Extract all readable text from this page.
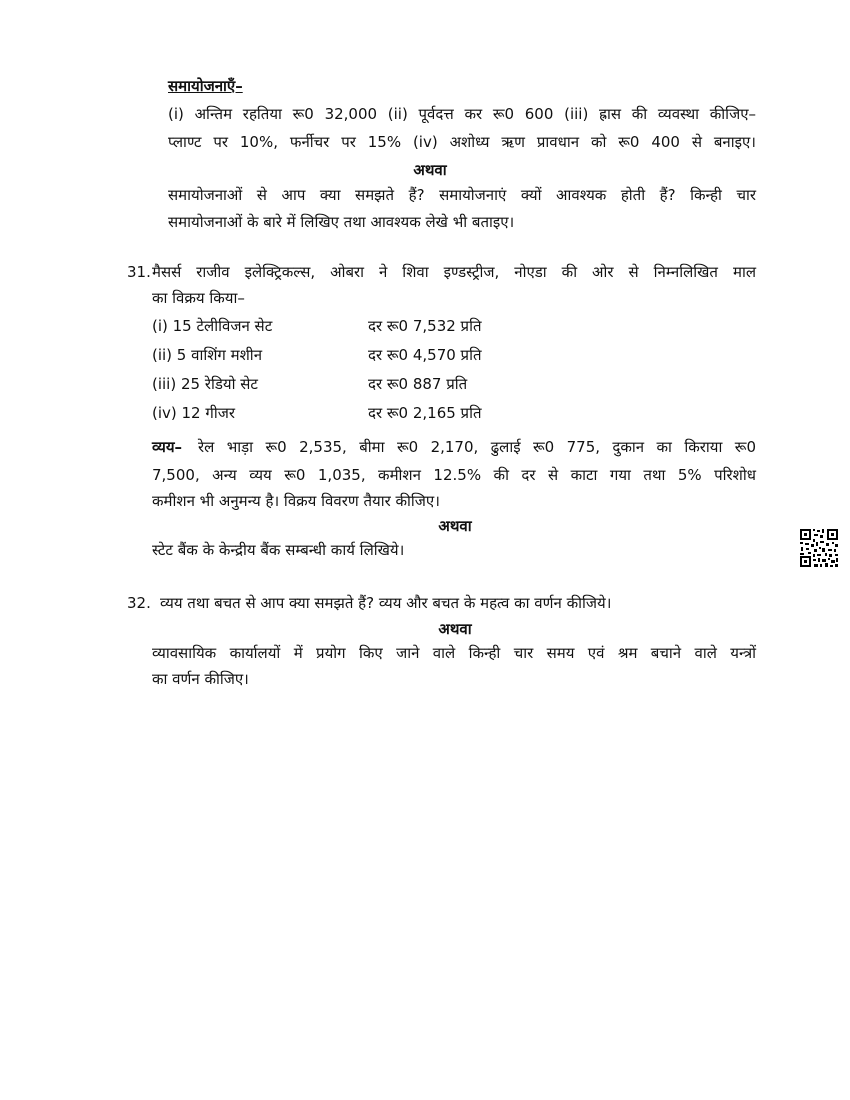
समायोजनाएँ–
(i) अन्तिम रहतिया रू0 32,000 (ii) पूर्वदत्त कर रू0 600 (iii) ह्रास की व्यवस्था कीजिए–
प्लाण्ट पर 10%, फर्नीचर पर 15% (iv) अशोध्य ऋण प्रावधान को रू0 400 से बनाइए।
अथवा
समायोजनाओं से आप क्या समझते हैं? समायोजनाएं क्यों आवश्यक होती हैं? किन्ही चार
समायोजनाओं के बारे में लिखिए तथा आवश्यक लेखे भी बताइए।
31. मैसर्स राजीव इलेक्ट्रिकल्स, ओबरा ने शिवा इण्डस्ट्रीज, नोएडा की ओर से निम्नलिखित माल
का विक्रय किया–
(i) 15 टेलीविजन सेट	दर रू0 7,532 प्रति
(ii) 5 वाशिंग मशीन	दर रू0 4,570 प्रति
(iii) 25 रेडियो सेट	दर रू0 887 प्रति
(iv) 12 गीजर	दर रू0 2,165 प्रति
व्यय– रेल भाड़ा रू0 2,535, बीमा रू0 2,170, ढुलाई रू0 775, दुकान का किराया रू0
7,500, अन्य व्यय रू0 1,035, कमीशन 12.5% की दर से काटा गया तथा 5% परिशोध
कमीशन भी अनुमन्य है। विक्रय विवरण तैयार कीजिए।
अथवा
स्टेट बैंक के केन्द्रीय बैंक सम्बन्धी कार्य लिखिये।
32. व्यय तथा बचत से आप क्या समझते हैं? व्यय और बचत के महत्व का वर्णन कीजिये।
अथवा
व्यावसायिक कार्यालयों में प्रयोग किए जाने वाले किन्ही चार समय एवं श्रम बचाने वाले यन्त्रों
का वर्णन कीजिए।
